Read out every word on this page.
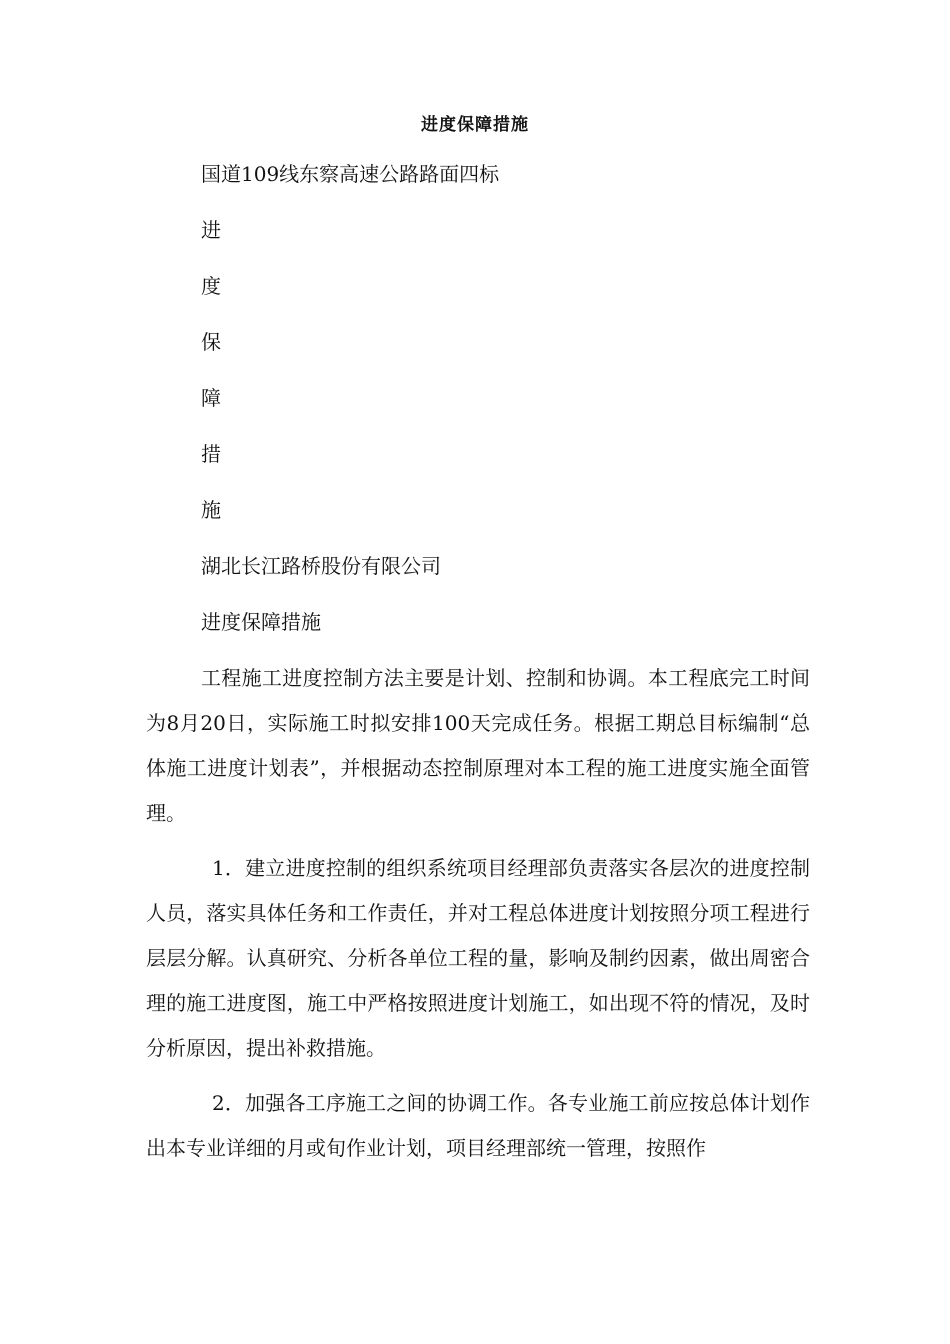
进度保障措施
国道109线东察高速公路路面四标
进
度
保
障
措
施
湖北长江路桥股份有限公司
进度保障措施

工程施工进度控制方法主要是计划、控制和协调。本工程底完工时间为8月20日，实际施工时拟安排100天完成任务。根据工期总目标编制“总体施工进度计划表”，并根据动态控制原理对本工程的施工进度实施全面管理。

1．建立进度控制的组织系统项目经理部负责落实各层次的进度控制人员，落实具体任务和工作责任，并对工程总体进度计划按照分项工程进行层层分解。认真研究、分析各单位工程的量，影响及制约因素，做出周密合理的施工进度图，施工中严格按照进度计划施工，如出现不符的情况，及时分析原因，提出补救措施。

2．加强各工序施工之间的协调工作。各专业施工前应按总体计划作出本专业详细的月或旬作业计划，项目经理部统一管理，按照作
